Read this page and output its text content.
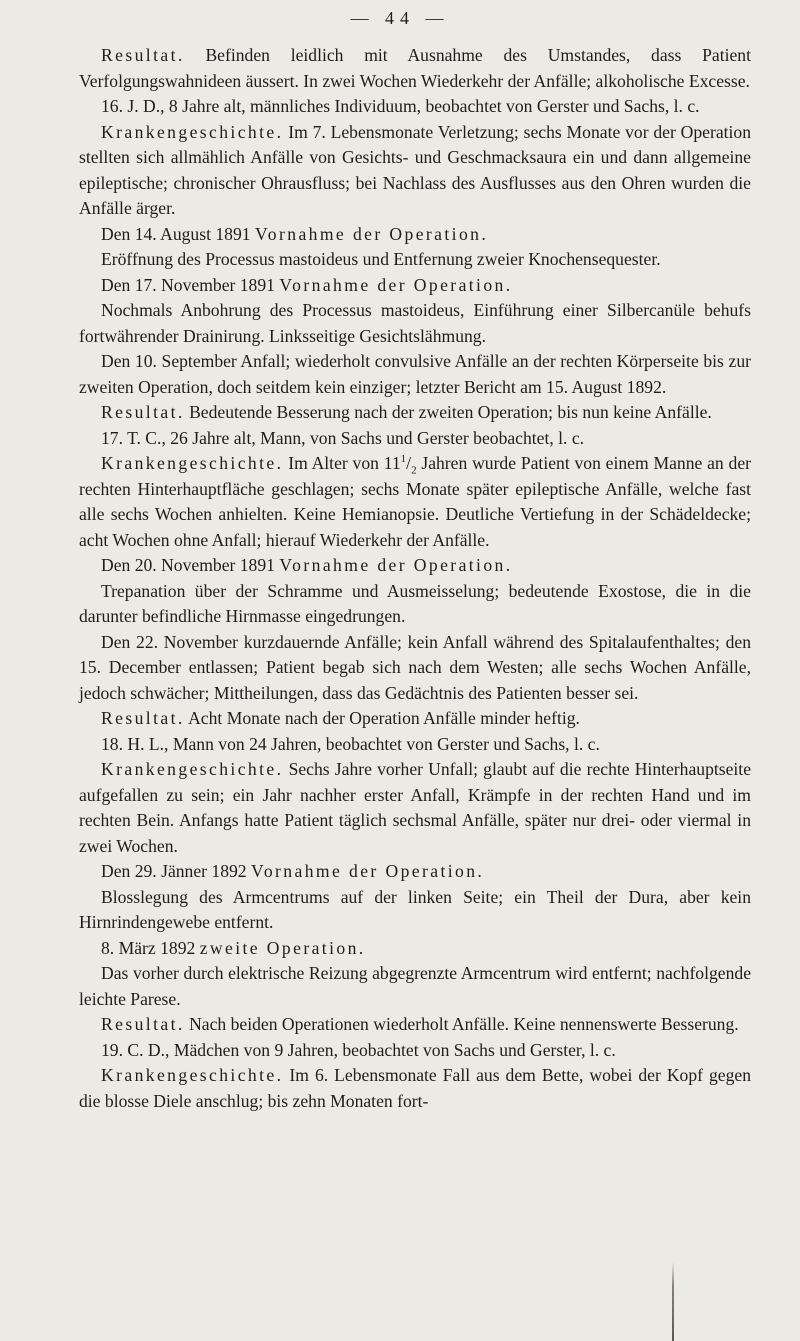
— 44 —

Resultat. Befinden leidlich mit Ausnahme des Umstandes, dass Patient Verfolgungswahnideen äussert. In zwei Wochen Wiederkehr der Anfälle; alkoholische Excesse.

16. J. D., 8 Jahre alt, männliches Individuum, beobachtet von Gerster und Sachs, l. c.

Krankengeschichte. Im 7. Lebensmonate Verletzung; sechs Monate vor der Operation stellten sich allmählich Anfälle von Gesichts- und Geschmacksaura ein und dann allgemeine epileptische; chronischer Ohrausfluss; bei Nachlass des Ausflusses aus den Ohren wurden die Anfälle ärger.

Den 14. August 1891 Vornahme der Operation.

Eröffnung des Processus mastoideus und Entfernung zweier Knochensequester.

Den 17. November 1891 Vornahme der Operation.

Nochmals Anbohrung des Processus mastoideus, Einführung einer Silbercanüle behufs fortwährender Drainirung. Linksseitige Gesichtslähmung.

Den 10. September Anfall; wiederholt convulsive Anfälle an der rechten Körperseite bis zur zweiten Operation, doch seitdem kein einziger; letzter Bericht am 15. August 1892.

Resultat. Bedeutende Besserung nach der zweiten Operation; bis nun keine Anfälle.

17. T. C., 26 Jahre alt, Mann, von Sachs und Gerster beobachtet, l. c.

Krankengeschichte. Im Alter von $11^1/_2$ Jahren wurde Patient von einem Manne an der rechten Hinterhauptfläche geschlagen; sechs Monate später epileptische Anfälle, welche fast alle sechs Wochen anhielten. Keine Hemianopsie. Deutliche Vertiefung in der Schädeldecke; acht Wochen ohne Anfall; hierauf Wiederkehr der Anfälle.

Den 20. November 1891 Vornahme der Operation.

Trepanation über der Schramme und Ausmeisselung; bedeutende Exostose, die in die darunter befindliche Hirnmasse eingedrungen.

Den 22. November kurzdauernde Anfälle; kein Anfall während des Spitalaufenthaltes; den 15. December entlassen; Patient begab sich nach dem Westen; alle sechs Wochen Anfälle, jedoch schwächer; Mittheilungen, dass das Gedächtnis des Patienten besser sei.

Resultat. Acht Monate nach der Operation Anfälle minder heftig.

18. H. L., Mann von 24 Jahren, beobachtet von Gerster und Sachs, l. c.

Krankengeschichte. Sechs Jahre vorher Unfall; glaubt auf die rechte Hinterhauptseite aufgefallen zu sein; ein Jahr nachher erster Anfall, Krämpfe in der rechten Hand und im rechten Bein. Anfangs hatte Patient täglich sechsmal Anfälle, später nur drei- oder viermal in zwei Wochen.

Den 29. Jänner 1892 Vornahme der Operation.

Blosslegung des Armcentrums auf der linken Seite; ein Theil der Dura, aber kein Hirnrindengewebe entfernt.

8. März 1892 zweite Operation.

Das vorher durch elektrische Reizung abgegrenzte Armcentrum wird entfernt; nachfolgende leichte Parese.

Resultat. Nach beiden Operationen wiederholt Anfälle. Keine nennenswerte Besserung.

19. C. D., Mädchen von 9 Jahren, beobachtet von Sachs und Gerster, l. c.

Krankengeschichte. Im 6. Lebensmonate Fall aus dem Bette, wobei der Kopf gegen die blosse Diele anschlug; bis zehn Monaten fort-
